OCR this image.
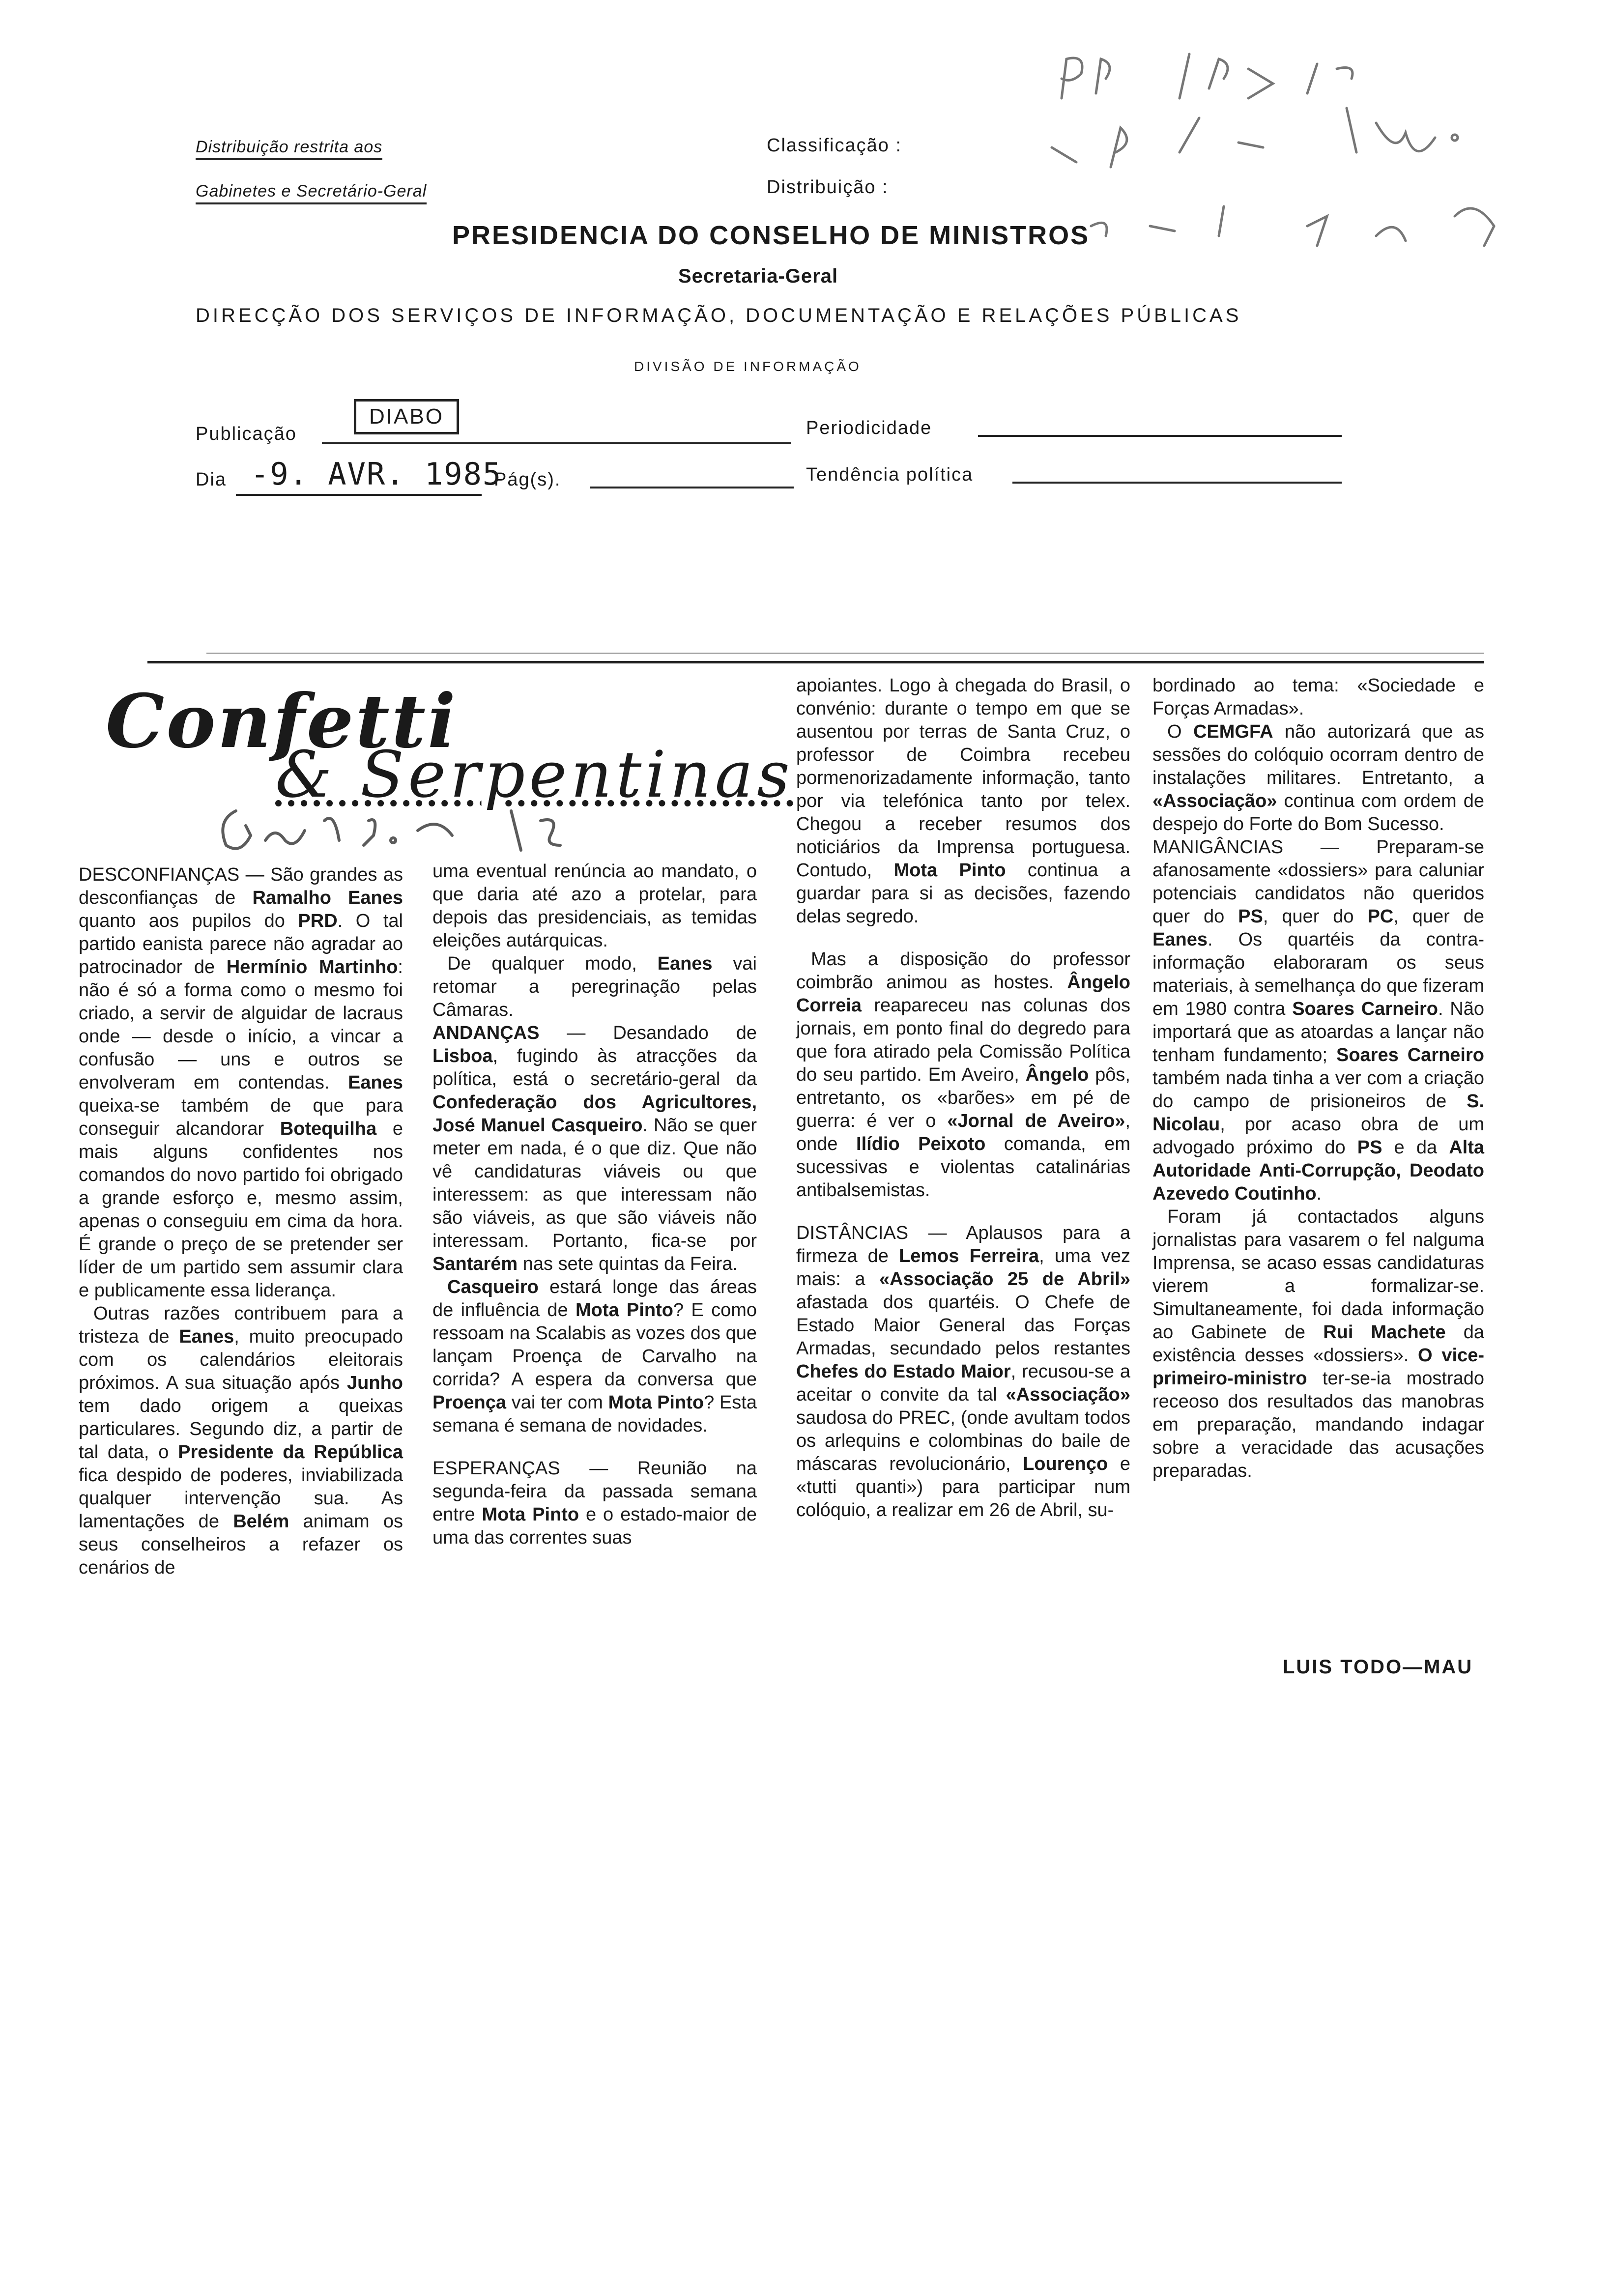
Distribuição restrita aos
Gabinetes e Secretário-Geral
Classificação :
Distribuição :
PRESIDENCIA DO CONSELHO DE MINISTROS
Secretaria-Geral
DIRECÇÃO DOS SERVIÇOS DE INFORMAÇÃO, DOCUMENTAÇÃO E RELAÇÕES PÚBLICAS
DIVISÃO DE INFORMAÇÃO
Publicação
DIABO	Periodicidade
Dia -9. AVR. 1985
Pág(s).	Tendência política
Confetti
& Serpentinas

DESCONFIANÇAS — São grandes as desconfianças de Ramalho Eanes quanto aos pupilos do PRD. O tal partido eanista parece não agradar ao patrocinador de Hermínio Martinho: não é só a forma como o mesmo foi criado, a servir de alguidar de lacraus onde — desde o início, a vincar a confusão — uns e outros se envolveram em contendas. Eanes queixa-se também de que para conseguir alcandorar Botequilha e mais alguns confidentes nos comandos do novo partido foi obrigado a grande esforço e, mesmo assim, apenas o conseguiu em cima da hora. É grande o preço de se pretender ser líder de um partido sem assumir clara e publicamente essa liderança.

Outras razões contribuem para a tristeza de Eanes, muito preocupado com os calendários eleitorais próximos. A sua situação após Junho tem dado origem a queixas particulares. Segundo diz, a partir de tal data, o Presidente da República fica despido de poderes, inviabilizada qualquer intervenção sua. As lamentações de Belém animam os seus conselheiros a refazer os cenários de

uma eventual renúncia ao mandato, o que daria até azo a protelar, para depois das presidenciais, as temidas eleições autárquicas.

De qualquer modo, Eanes vai retomar a peregrinação pelas Câmaras.

ANDANÇAS — Desandado de Lisboa, fugindo às atracções da política, está o secretário-geral da Confederação dos Agricultores, José Manuel Casqueiro. Não se quer meter em nada, é o que diz. Que não vê candidaturas viáveis ou que interessem: as que interessam não são viáveis, as que são viáveis não interessam. Portanto, fica-se por Santarém nas sete quintas da Feira.

Casqueiro estará longe das áreas de influência de Mota Pinto? E como ressoam na Scalabis as vozes dos que lançam Proença de Carvalho na corrida? A espera da conversa que Proença vai ter com Mota Pinto? Esta semana é semana de novidades.

ESPERANÇAS — Reunião na segunda-feira da passada semana entre Mota Pinto e o estado-maior de uma das correntes suas

apoiantes. Logo à chegada do Brasil, o convénio: durante o tempo em que se ausentou por terras de Santa Cruz, o professor de Coimbra recebeu pormenorizadamente informação, tanto por via telefónica tanto por telex. Chegou a receber resumos dos noticiários da Imprensa portuguesa. Contudo, Mota Pinto continua a guardar para si as decisões, fazendo delas segredo.

Mas a disposição do professor coimbrão animou as hostes. Ângelo Correia reapareceu nas colunas dos jornais, em ponto final do degredo para que fora atirado pela Comissão Política do seu partido. Em Aveiro, Ângelo pôs, entretanto, os «barões» em pé de guerra: é ver o «Jornal de Aveiro», onde Ilídio Peixoto comanda, em sucessivas e violentas catalinárias antibalsemistas.

DISTÂNCIAS — Aplausos para a firmeza de Lemos Ferreira, uma vez mais: a «Associação 25 de Abril» afastada dos quartéis. O Chefe de Estado Maior General das Forças Armadas, secundado pelos restantes Chefes do Estado Maior, recusou-se a aceitar o convite da tal «Associação» saudosa do PREC, (onde avultam todos os arlequins e colombinas do baile de máscaras revolucionário, Lourenço e «tutti quanti») para participar num colóquio, a realizar em 26 de Abril, su-

bordinado ao tema: «Sociedade e Forças Armadas».

O CEMGFA não autorizará que as sessões do colóquio ocorram dentro de instalações militares. Entretanto, a «Associação» continua com ordem de despejo do Forte do Bom Sucesso.

MANIGÂNCIAS — Preparam-se afanosamente «dossiers» para caluniar potenciais candidatos não queridos quer do PS, quer do PC, quer de Eanes. Os quartéis da contra-informação elaboraram os seus materiais, à semelhança do que fizeram em 1980 contra Soares Carneiro. Não importará que as atoardas a lançar não tenham fundamento; Soares Carneiro também nada tinha a ver com a criação do campo de prisioneiros de S. Nicolau, por acaso obra de um advogado próximo do PS e da Alta Autoridade Anti-Corrupção, Deodato Azevedo Coutinho.

Foram já contactados alguns jornalistas para vasarem o fel nalguma Imprensa, se acaso essas candidaturas vierem a formalizar-se. Simultaneamente, foi dada informação ao Gabinete de Rui Machete da existência desses «dossiers». O vice-primeiro-ministro ter-se-ia mostrado receoso dos resultados das manobras em preparação, mandando indagar sobre a veracidade das acusações preparadas.

LUIS TODO—MAU
